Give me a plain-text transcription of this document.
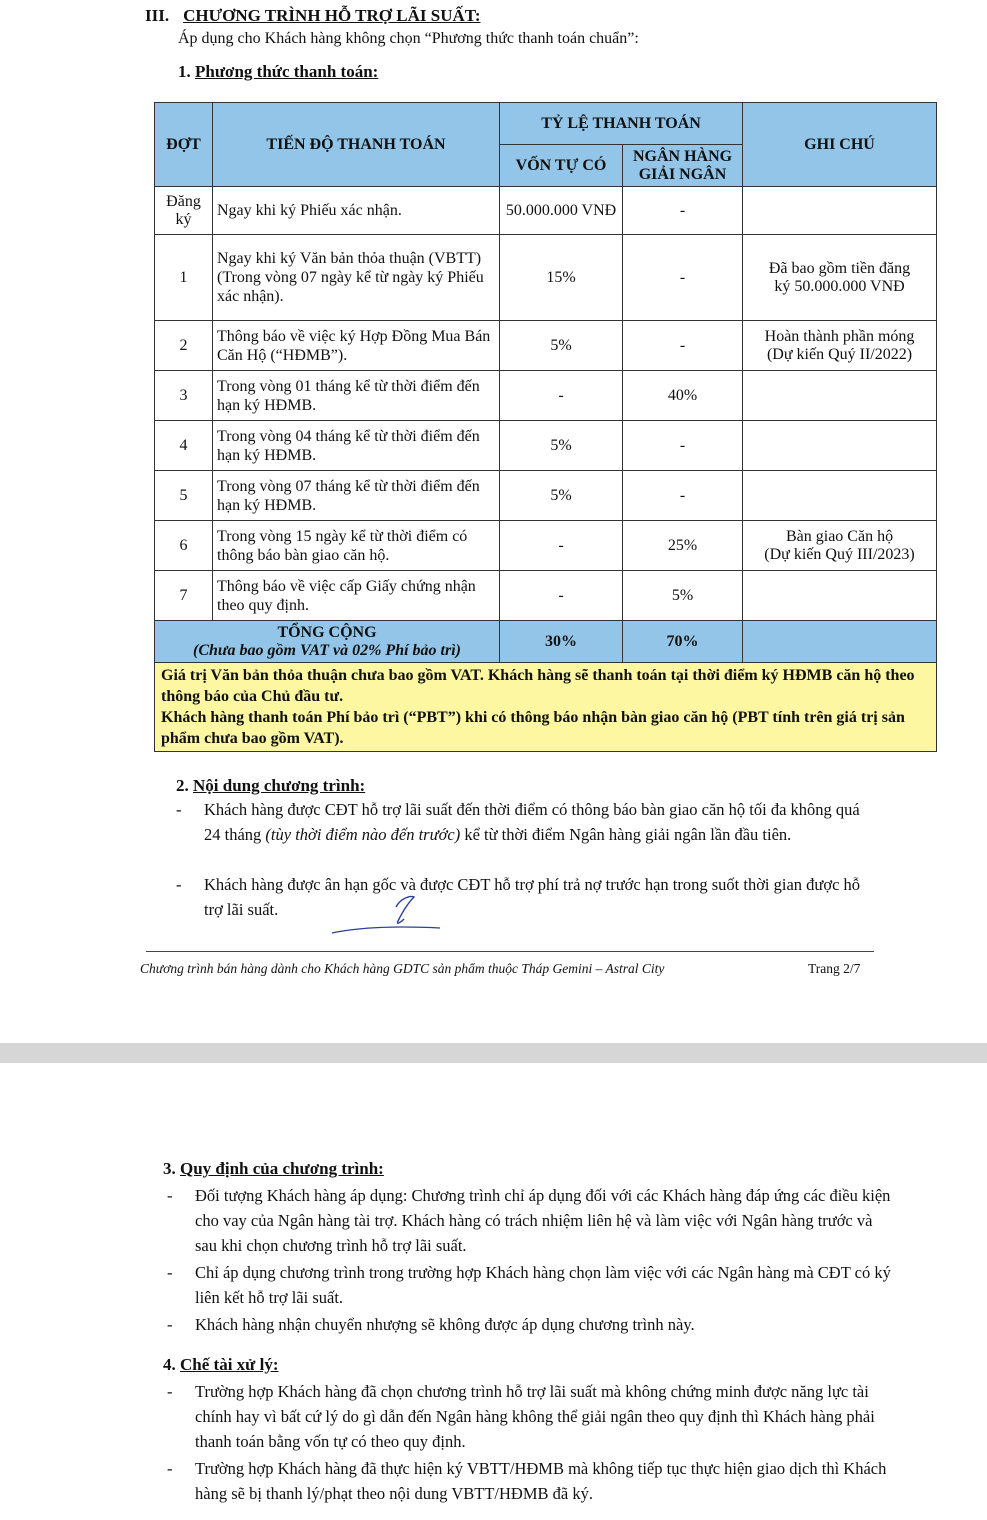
III. CHƯƠNG TRÌNH HỖ TRỢ LÃI SUẤT:
Áp dụng cho Khách hàng không chọn “Phương thức thanh toán chuẩn”:
1. Phương thức thanh toán:
ĐỢT	TIẾN ĐỘ THANH TOÁN	TỶ LỆ THANH TOÁN		GHI CHÚ
		VỐN TỰ CÓ	NGÂN HÀNG GIẢI NGÂN	
Đăng ký	Ngay khi ký Phiếu xác nhận.	50.000.000 VNĐ	-	

1	Ngay khi ký Văn bản thỏa thuận (VBTT) (Trong vòng 07 ngày kể từ ngày ký Phiếu xác nhận).	15%	-	Đã bao gồm tiền đăng
ký 50.000.000 VNĐ

2	Thông báo về việc ký Hợp Đồng Mua Bán Căn Hộ (“HĐMB”).	5%	-	Hoàn thành phần móng
(Dự kiến Quý II/2022)

3	Trong vòng 01 tháng kể từ thời điểm đến hạn ký HĐMB.	-	40%	

4	Trong vòng 04 tháng kể từ thời điểm đến hạn ký HĐMB.	5%	-	

5	Trong vòng 07 tháng kể từ thời điểm đến hạn ký HĐMB.	5%	-	

6	Trong vòng 15 ngày kể từ thời điểm có thông báo bàn giao căn hộ.	-	25%	Bàn giao Căn hộ
(Dự kiến Quý III/2023)

7	Thông báo về việc cấp Giấy chứng nhận theo quy định.	-	5%	

TỔNG CỘNG
(Chưa bao gồm VAT và 02% Phí bảo trì)		30%	70%	

Giá trị Văn bản thỏa thuận chưa bao gồm VAT. Khách hàng sẽ thanh toán tại thời điểm ký HĐMB căn hộ theo thông báo của Chủ đầu tư.
Khách hàng thanh toán Phí bảo trì (“PBT”) khi có thông báo nhận bàn giao căn hộ (PBT tính trên giá trị sản phẩm chưa bao gồm VAT).				
2. Nội dung chương trình:
- Khách hàng được CĐT hỗ trợ lãi suất đến thời điểm có thông báo bàn giao căn hộ tối đa không quá 24 tháng (tùy thời điểm nào đến trước) kể từ thời điểm Ngân hàng giải ngân lần đầu tiên.
- Khách hàng được ân hạn gốc và được CĐT hỗ trợ phí trả nợ trước hạn trong suốt thời gian được hỗ trợ lãi suất.
Chương trình bán hàng dành cho Khách hàng GDTC sản phẩm thuộc Tháp Gemini – Astral City	Trang 2/7
3. Quy định của chương trình:
- Đối tượng Khách hàng áp dụng: Chương trình chỉ áp dụng đối với các Khách hàng đáp ứng các điều kiện cho vay của Ngân hàng tài trợ. Khách hàng có trách nhiệm liên hệ và làm việc với Ngân hàng trước và sau khi chọn chương trình hỗ trợ lãi suất.
- Chỉ áp dụng chương trình trong trường hợp Khách hàng chọn làm việc với các Ngân hàng mà CĐT có ký liên kết hỗ trợ lãi suất.
- Khách hàng nhận chuyển nhượng sẽ không được áp dụng chương trình này.
4. Chế tài xử lý:
- Trường hợp Khách hàng đã chọn chương trình hỗ trợ lãi suất mà không chứng minh được năng lực tài chính hay vì bất cứ lý do gì dẫn đến Ngân hàng không thể giải ngân theo quy định thì Khách hàng phải thanh toán bằng vốn tự có theo quy định.
- Trường hợp Khách hàng đã thực hiện ký VBTT/HĐMB mà không tiếp tục thực hiện giao dịch thì Khách hàng sẽ bị thanh lý/phạt theo nội dung VBTT/HĐMB đã ký.
